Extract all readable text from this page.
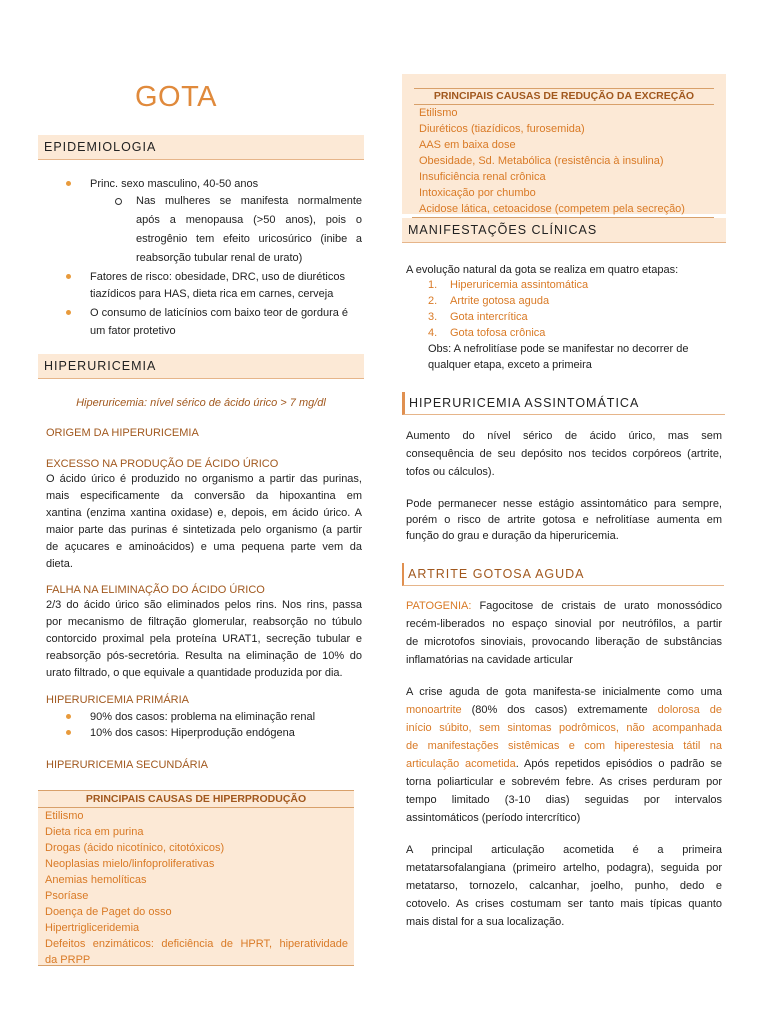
GOTA
EPIDEMIOLOGIA
Princ. sexo masculino, 40-50 anos
Nas mulheres se manifesta normalmente
após a menopausa (>50 anos), pois o
estrogênio tem efeito uricosúrico (inibe a
reabsorção tubular renal de urato)
Fatores de risco: obesidade, DRC, uso de diuréticos
tiazídicos para HAS, dieta rica em carnes, cerveja
O consumo de laticínios com baixo teor de gordura é
um fator protetivo
HIPERURICEMIA
Hiperuricemia: nível sérico de ácido úrico > 7 mg/dl
ORIGEM DA HIPERURICEMIA
EXCESSO NA PRODUÇÃO DE ÁCIDO ÚRICO
O ácido úrico é produzido no organismo a partir das purinas,
mais especificamente da conversão da hipoxantina em
xantina (enzima xantina oxidase) e, depois, em ácido úrico. A
maior parte das purinas é sintetizada pelo organismo (a partir
de açucares e aminoácidos) e uma pequena parte vem da
dieta.
FALHA NA ELIMINAÇÃO DO ÁCIDO ÚRICO
2/3 do ácido úrico são eliminados pelos rins. Nos rins, passa
por mecanismo de filtração glomerular, reabsorção no túbulo
contorcido proximal pela proteína URAT1, secreção tubular e
reabsorção pós-secretória. Resulta na eliminação de 10% do
urato filtrado, o que equivale a quantidade produzida por dia.
HIPERURICEMIA PRIMÁRIA
90% dos casos: problema na eliminação renal
10% dos casos: Hiperprodução endógena
HIPERURICEMIA SECUNDÁRIA
PRINCIPAIS CAUSAS DE HIPERPRODUÇÃO
Etilismo
Dieta rica em purina
Drogas (ácido nicotínico, citotóxicos)
Neoplasias mielo/linfoproliferativas
Anemias hemolíticas
Psoríase
Doença de Paget do osso
Hipertrigliceridemia
Defeitos enzimáticos: deficiência de HPRT, hiperatividade
da PRPP
PRINCIPAIS CAUSAS DE REDUÇÃO DA EXCREÇÃO
Etilismo
Diuréticos (tiazídicos, furosemida)
AAS em baixa dose
Obesidade, Sd. Metabólica (resistência à insulina)
Insuficiência renal crônica
Intoxicação por chumbo
Acidose lática, cetoacidose (competem pela secreção)
MANIFESTAÇÕES CLÍNICAS
A evolução natural da gota se realiza em quatro etapas:
1. Hiperuricemia assintomática
2. Artrite gotosa aguda
3. Gota intercrítica
4. Gota tofosa crônica
Obs: A nefrolitíase pode se manifestar no decorrer de
qualquer etapa, exceto a primeira
HIPERURICEMIA ASSINTOMÁTICA
Aumento do nível sérico de ácido úrico, mas sem
consequência de seu depósito nos tecidos corpóreos (artrite,
tofos ou cálculos).
Pode permanecer nesse estágio assintomático para sempre,
porém o risco de artrite gotosa e nefrolitíase aumenta em
função do grau e duração da hiperuricemia.
ARTRITE GOTOSA AGUDA
PATOGENIA: Fagocitose de cristais de urato monossódico
recém-liberados no espaço sinovial por neutrófilos, a partir
de microtofos sinoviais, provocando liberação de substâncias
inflamatórias na cavidade articular
A crise aguda de gota manifesta-se inicialmente como uma
monoartrite (80% dos casos) extremamente dolorosa de
início súbito, sem sintomas podrômicos, não acompanhada
de manifestações sistêmicas e com hiperestesia tátil na
articulação acometida. Após repetidos episódios o padrão se
torna poliarticular e sobrevém febre. As crises perduram por
tempo limitado (3-10 dias) seguidas por intervalos
assintomáticos (período intercrítico)
A principal articulação acometida é a primeira
metatarsofalangiana (primeiro artelho, podagra), seguida por
metatarso, tornozelo, calcanhar, joelho, punho, dedo e
cotovelo. As crises costumam ser tanto mais típicas quanto
mais distal for a sua localização.
